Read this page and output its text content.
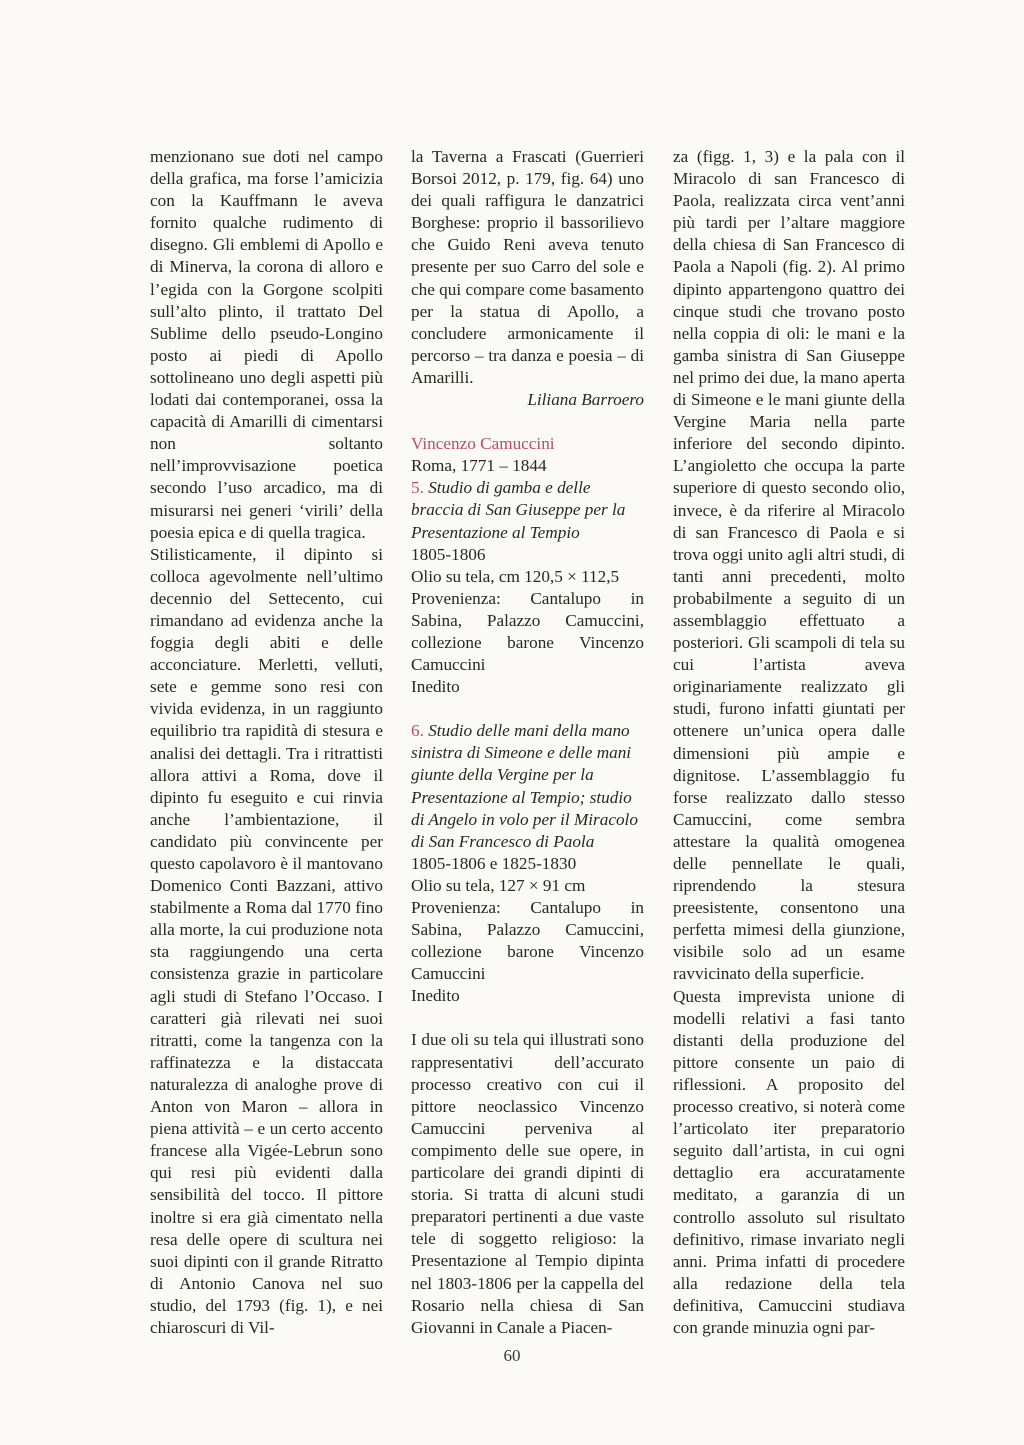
menzionano sue doti nel campo della grafica, ma forse l’amicizia con la Kauffmann le aveva fornito qualche rudimento di disegno. Gli emblemi di Apollo e di Minerva, la corona di alloro e l’egida con la Gorgone scolpiti sull’alto plinto, il trattato Del Sublime dello pseudo-Longino posto ai piedi di Apollo sottolineano uno degli aspetti più lodati dai contemporanei, ossa la capacità di Amarilli di cimentarsi non soltanto nell’improvvisazione poetica secondo l’uso arcadico, ma di misurarsi nei generi ‘virili’ della poesia epica e di quella tragica.

Stilisticamente, il dipinto si colloca agevolmente nell’ultimo decennio del Settecento, cui rimandano ad evidenza anche la foggia degli abiti e delle acconciature. Merletti, velluti, sete e gemme sono resi con vivida evidenza, in un raggiunto equilibrio tra rapidità di stesura e analisi dei dettagli. Tra i ritrattisti allora attivi a Roma, dove il dipinto fu eseguito e cui rinvia anche l’ambientazione, il candidato più convincente per questo capolavoro è il mantovano Domenico Conti Bazzani, attivo stabilmente a Roma dal 1770 fino alla morte, la cui produzione nota sta raggiungendo una certa consistenza grazie in particolare agli studi di Stefano l’Occaso. I caratteri già rilevati nei suoi ritratti, come la tangenza con la raffinatezza e la distaccata naturalezza di analoghe prove di Anton von Maron – allora in piena attività – e un certo accento francese alla Vigée-Lebrun sono qui resi più evidenti dalla sensibilità del tocco. Il pittore inoltre si era già cimentato nella resa delle opere di scultura nei suoi dipinti con il grande Ritratto di Antonio Canova nel suo studio, del 1793 (fig. 1), e nei chiaroscuri di Vil-

la Taverna a Frascati (Guerrieri Borsoi 2012, p. 179, fig. 64) uno dei quali raffigura le danzatrici Borghese: proprio il bassorilievo che Guido Reni aveva tenuto presente per suo Carro del sole e che qui compare come basamento per la statua di Apollo, a concludere armonicamente il percorso – tra danza e poesia – di Amarilli.

Liliana Barroero

Vincenzo Camuccini

Roma, 1771 – 1844

5. Studio di gamba e delle braccia di San Giuseppe per la Presentazione al Tempio

1805-1806

Olio su tela, cm 120,5 × 112,5

Provenienza: Cantalupo in Sabina, Palazzo Camuccini, collezione barone Vincenzo Camuccini

Inedito

6. Studio delle mani della mano sinistra di Simeone e delle mani giunte della Vergine per la Presentazione al Tempio; studio di Angelo in volo per il Miracolo di San Francesco di Paola

1805-1806 e 1825-1830

Olio su tela, 127 × 91 cm

Provenienza: Cantalupo in Sabina, Palazzo Camuccini, collezione barone Vincenzo Camuccini

Inedito

I due oli su tela qui illustrati sono rappresentativi dell’accurato processo creativo con cui il pittore neoclassico Vincenzo Camuccini perveniva al compimento delle sue opere, in particolare dei grandi dipinti di storia. Si tratta di alcuni studi preparatori pertinenti a due vaste tele di soggetto religioso: la Presentazione al Tempio dipinta nel 1803-1806 per la cappella del Rosario nella chiesa di San Giovanni in Canale a Piacen-

za (figg. 1, 3) e la pala con il Miracolo di san Francesco di Paola, realizzata circa vent’anni più tardi per l’altare maggiore della chiesa di San Francesco di Paola a Napoli (fig. 2). Al primo dipinto appartengono quattro dei cinque studi che trovano posto nella coppia di oli: le mani e la gamba sinistra di San Giuseppe nel primo dei due, la mano aperta di Simeone e le mani giunte della Vergine Maria nella parte inferiore del secondo dipinto. L’angioletto che occupa la parte superiore di questo secondo olio, invece, è da riferire al Miracolo di san Francesco di Paola e si trova oggi unito agli altri studi, di tanti anni precedenti, molto probabilmente a seguito di un assemblaggio effettuato a posteriori. Gli scampoli di tela su cui l’artista aveva originariamente realizzato gli studi, furono infatti giuntati per ottenere un’unica opera dalle dimensioni più ampie e dignitose. L’assemblaggio fu forse realizzato dallo stesso Camuccini, come sembra attestare la qualità omogenea delle pennellate le quali, riprendendo la stesura preesistente, consentono una perfetta mimesi della giunzione, visibile solo ad un esame ravvicinato della superficie.

Questa imprevista unione di modelli relativi a fasi tanto distanti della produzione del pittore consente un paio di riflessioni. A proposito del processo creativo, si noterà come l’articolato iter preparatorio seguito dall’artista, in cui ogni dettaglio era accuratamente meditato, a garanzia di un controllo assoluto sul risultato definitivo, rimase invariato negli anni. Prima infatti di procedere alla redazione della tela definitiva, Camuccini studiava con grande minuzia ogni par-

60
